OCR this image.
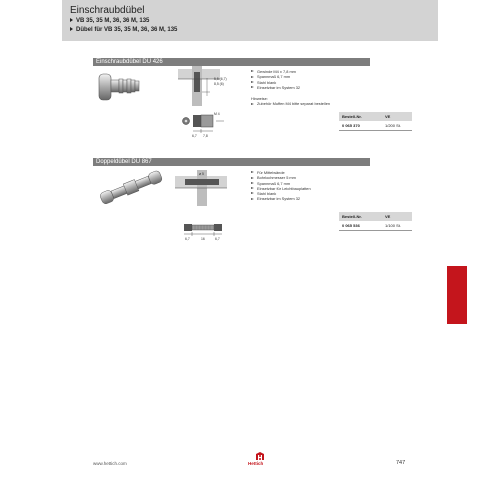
Einschraubdübel
VB 35, 35 M, 36, 36 M, 135
Dübel für VB 35, 35 M, 36, 36 M, 135
Einschraubdübel DU 426
5,5 (6,7)
8,5 (6)
6,7 7,8
M 4
Gewinde M4 x 7,8 mm
Spannmaß 6,7 mm
Stahl blank
Einsetzbar im System 32
Hinweise:
Zubehör Muffen M4 bitte separat bestellen
Bestell-Nr.	VE
0 065 370	1/200 St.
Doppeldübel DU 867
ø 5
6,7	16	6,7
Für Mittelwände
Bohrlochmesser 5 mm
Spannmaß 6,7 mm
Einsetzbar für Leichtbauplatten
Stahl blank
Einsetzbar im System 32
Bestell-Nr.	VE
0 065 536	1/100 St.
www.hettich.com	Hettich	747
